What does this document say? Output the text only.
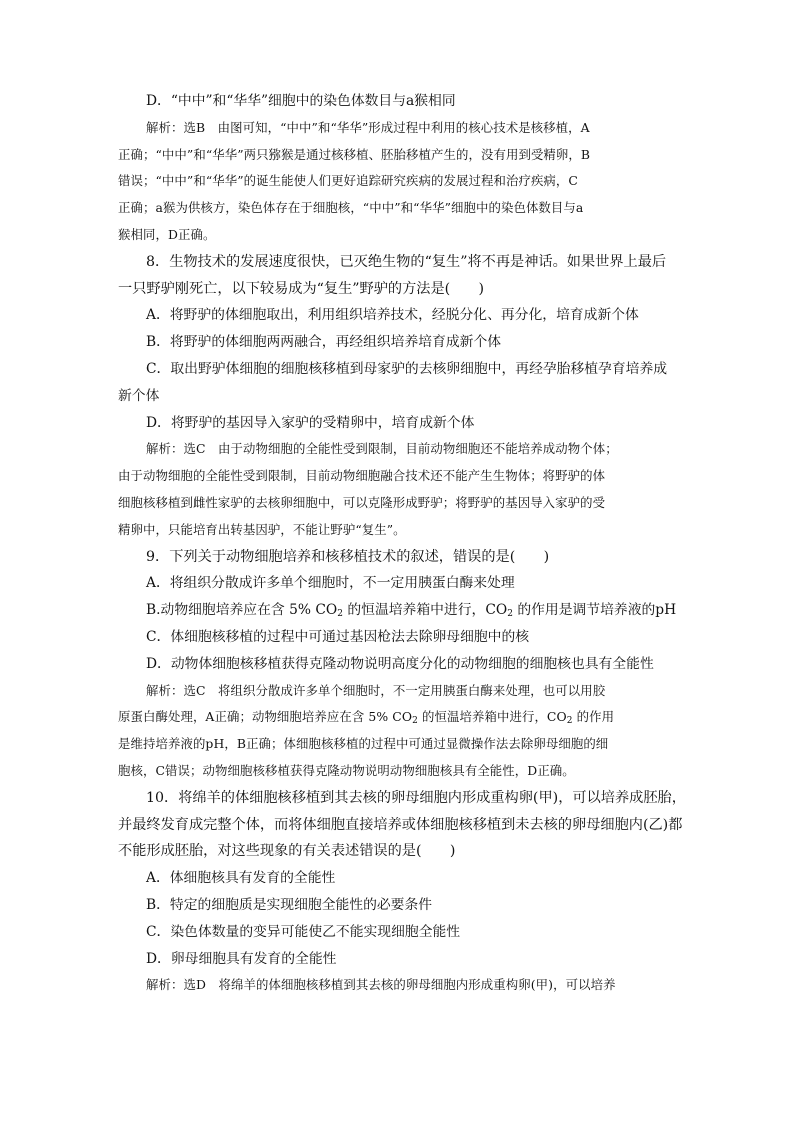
D．“中中”和“华华”细胞中的染色体数目与a猴相同
解析：选B　由图可知，“中中”和“华华”形成过程中利用的核心技术是核移植，A
正确；“中中”和“华华”两只猕猴是通过核移植、胚胎移植产生的，没有用到受精卵，B
错误；“中中”和“华华”的诞生能使人们更好追踪研究疾病的发展过程和治疗疾病，C
正确；a猴为供核方，染色体存在于细胞核，“中中”和“华华”细胞中的染色体数目与a
猴相同，D正确。
8．生物技术的发展速度很快，已灭绝生物的“复生”将不再是神话。如果世界上最后
一只野驴刚死亡，以下较易成为“复生”野驴的方法是(　　)
A．将野驴的体细胞取出，利用组织培养技术，经脱分化、再分化，培育成新个体
B．将野驴的体细胞两两融合，再经组织培养培育成新个体
C．取出野驴体细胞的细胞核移植到母家驴的去核卵细胞中，再经孕胎移植孕育培养成
新个体
D．将野驴的基因导入家驴的受精卵中，培育成新个体
解析：选C　由于动物细胞的全能性受到限制，目前动物细胞还不能培养成动物个体；
由于动物细胞的全能性受到限制，目前动物细胞融合技术还不能产生生物体；将野驴的体
细胞核移植到雌性家驴的去核卵细胞中，可以克隆形成野驴；将野驴的基因导入家驴的受
精卵中，只能培育出转基因驴，不能让野驴“复生”。
9．下列关于动物细胞培养和核移植技术的叙述，错误的是(　　)
A．将组织分散成许多单个细胞时，不一定用胰蛋白酶来处理
B.动物细胞培养应在含 5% $CO_2$ 的恒温培养箱中进行，$CO_2$ 的作用是调节培养液的pH
C．体细胞核移植的过程中可通过基因枪法去除卵母细胞中的核
D．动物体细胞核移植获得克隆动物说明高度分化的动物细胞的细胞核也具有全能性
解析：选C　将组织分散成许多单个细胞时，不一定用胰蛋白酶来处理，也可以用胶
原蛋白酶处理，A正确；动物细胞培养应在含 5% $CO_2$ 的恒温培养箱中进行，$CO_2$ 的作用
是维持培养液的pH，B正确；体细胞核移植的过程中可通过显微操作法去除卵母细胞的细
胞核，C错误；动物细胞核移植获得克隆动物说明动物细胞核具有全能性，D正确。
10．将绵羊的体细胞核移植到其去核的卵母细胞内形成重构卵(甲)，可以培养成胚胎，
并最终发育成完整个体，而将体细胞直接培养或体细胞核移植到未去核的卵母细胞内(乙)都
不能形成胚胎，对这些现象的有关表述错误的是(　　)
A．体细胞核具有发育的全能性
B．特定的细胞质是实现细胞全能性的必要条件
C．染色体数量的变异可能使乙不能实现细胞全能性
D．卵母细胞具有发育的全能性
解析：选D　将绵羊的体细胞核移植到其去核的卵母细胞内形成重构卵(甲)，可以培养
